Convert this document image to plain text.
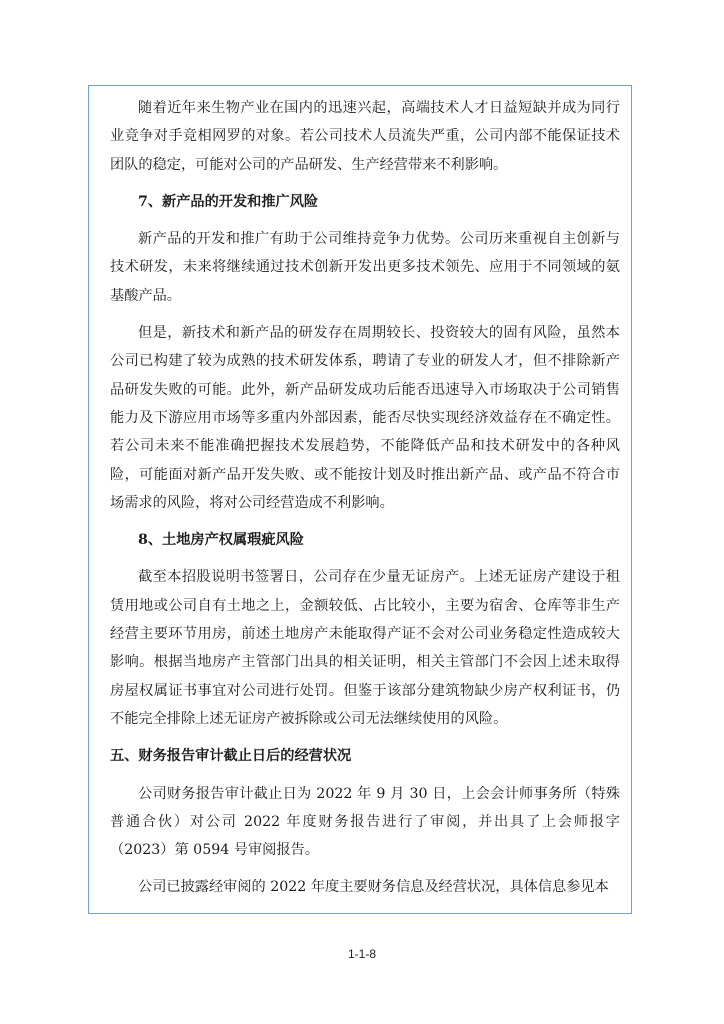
随着近年来生物产业在国内的迅速兴起，高端技术人才日益短缺并成为同行业竞争对手竞相网罗的对象。若公司技术人员流失严重，公司内部不能保证技术团队的稳定，可能对公司的产品研发、生产经营带来不利影响。

7、新产品的开发和推广风险

新产品的开发和推广有助于公司维持竞争力优势。公司历来重视自主创新与技术研发，未来将继续通过技术创新开发出更多技术领先、应用于不同领域的氨基酸产品。

但是，新技术和新产品的研发存在周期较长、投资较大的固有风险，虽然本公司已构建了较为成熟的技术研发体系，聘请了专业的研发人才，但不排除新产品研发失败的可能。此外，新产品研发成功后能否迅速导入市场取决于公司销售能力及下游应用市场等多重内外部因素，能否尽快实现经济效益存在不确定性。若公司未来不能准确把握技术发展趋势，不能降低产品和技术研发中的各种风险，可能面对新产品开发失败、或不能按计划及时推出新产品、或产品不符合市场需求的风险，将对公司经营造成不利影响。

8、土地房产权属瑕疵风险

截至本招股说明书签署日，公司存在少量无证房产。上述无证房产建设于租赁用地或公司自有土地之上，金额较低、占比较小，主要为宿舍、仓库等非生产经营主要环节用房，前述土地房产未能取得产证不会对公司业务稳定性造成较大影响。根据当地房产主管部门出具的相关证明，相关主管部门不会因上述未取得房屋权属证书事宜对公司进行处罚。但鉴于该部分建筑物缺少房产权利证书，仍不能完全排除上述无证房产被拆除或公司无法继续使用的风险。

五、财务报告审计截止日后的经营状况

公司财务报告审计截止日为 2022 年 9 月 30 日，上会会计师事务所（特殊普通合伙）对公司 2022 年度财务报告进行了审阅，并出具了上会师报字（2023）第 0594 号审阅报告。

公司已披露经审阅的 2022 年度主要财务信息及经营状况，具体信息参见本

1-1-8
